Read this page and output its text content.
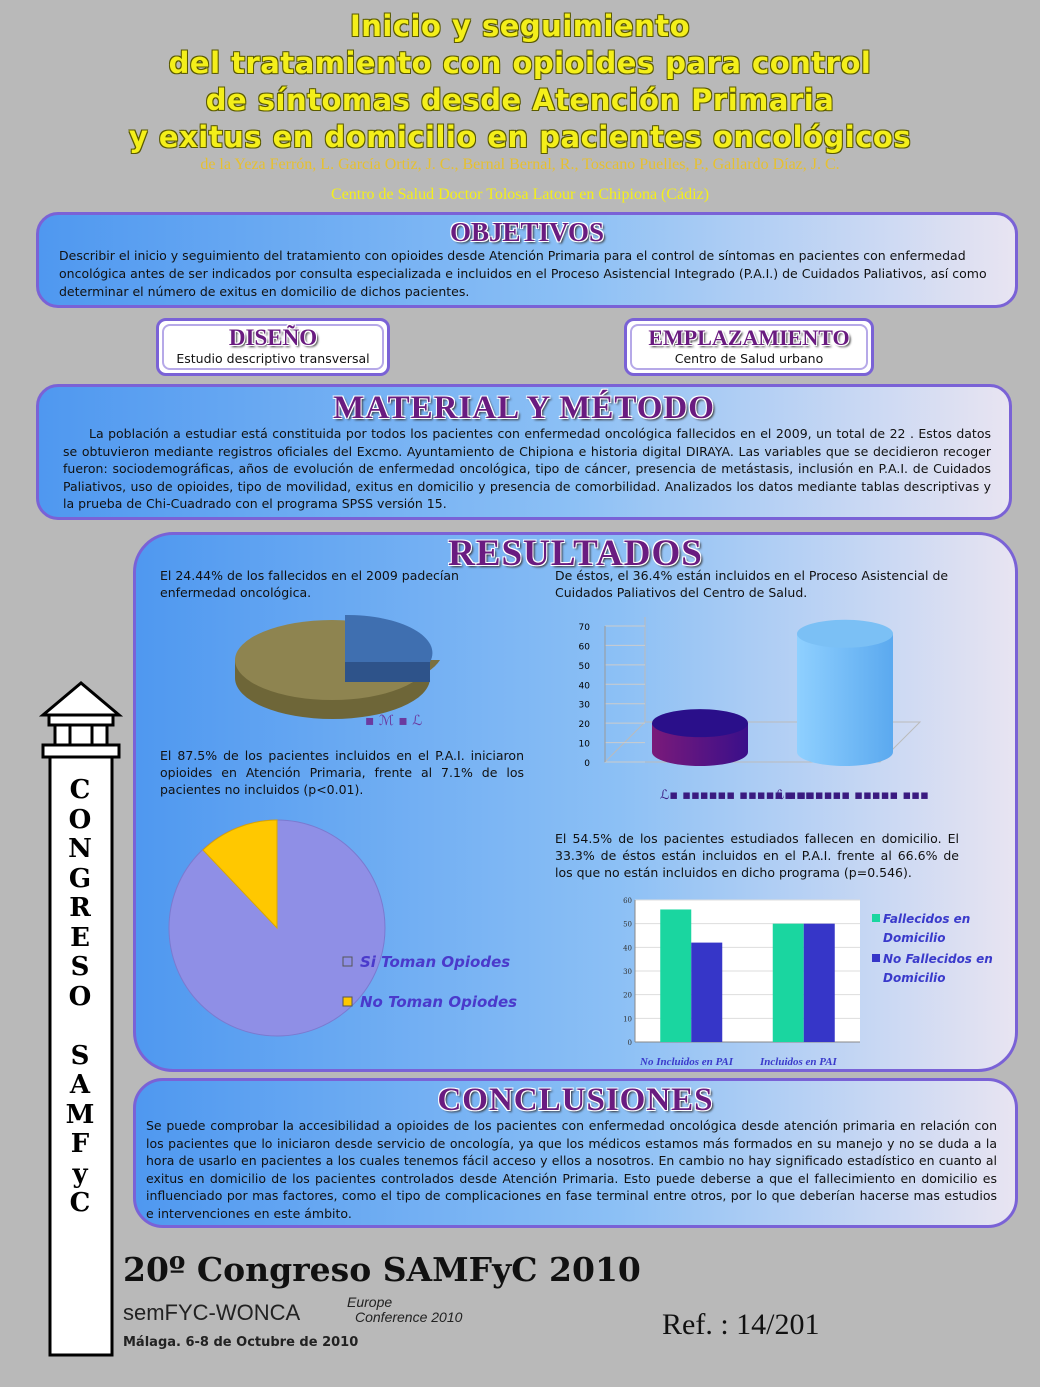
Inicio y seguimiento
del tratamiento con opioides para control
de síntomas desde Atención Primaria
y exitus en domicilio en pacientes oncológicos
de la Yeza Ferrón, L. García Ortiz, J. C., Bernal Bernal, R., Toscano Puelles, P., Gallardo Díaz, J. C.
Centro de Salud Doctor Tolosa Latour en Chipiona (Cádiz)
OBJETIVOS
Describir el inicio y seguimiento del tratamiento con opioides desde Atención Primaria para el control de síntomas en pacientes con enfermedad oncológica antes de ser indicados por consulta especializada e incluidos en el Proceso Asistencial Integrado (P.A.I.) de Cuidados Paliativos, así como determinar el número de exitus en domicilio de dichos pacientes.
DISEÑO
Estudio descriptivo transversal
EMPLAZAMIENTO
Centro de Salud urbano
MATERIAL Y MÉTODO
La población a estudiar está constituida por todos los pacientes con enfermedad oncológica fallecidos en el 2009, un total de 22 . Estos datos se obtuvieron mediante registros oficiales del Excmo. Ayuntamiento de Chipiona e historia digital DIRAYA. Las variables que se decidieron recoger fueron: sociodemográficas, años de evolución de enfermedad oncológica, tipo de cáncer, presencia de metástasis, inclusión en P.A.I. de Cuidados Paliativos, uso de opioides, tipo de movilidad, exitus en domicilio y presencia de comorbilidad. Analizados los datos mediante tablas descriptivas y la prueba de Chi-Cuadrado con el programa SPSS versión 15.
RESULTADOS
El 24.44% de los fallecidos en el 2009 padecían enfermedad oncológica.
De éstos, el 36.4% están incluidos en el Proceso Asistencial de Cuidados Paliativos del Centro de Salud.
El 87.5% de los pacientes incluidos en el P.A.I. iniciaron opioides en Atención Primaria, frente al 7.1% de los pacientes no incluidos (p<0.01).
El 54.5% de los pacientes estudiados fallecen en domicilio. El 33.3% de éstos están incluidos en el P.A.I. frente al 66.6% de los que no están incluidos en dicho programa (p=0.546).
▪ ℳ ▪ ℒ
0
10
20
30
40
50
60
70
ℒ▪ ▪▪▪▪▪▪ ▪▪▪▪▪ ▪▪▪
ℒ▪ ▪▪▪▪▪▪ ▪▪▪▪▪ ▪▪▪
Si Toman Opiodes
No Toman Opiodes
0
10
20
30
40
50
60
No Incluidos en PAI Incluidos en PAI
Fallecidos en Domicilio
No Fallecidos en Domicilio
CONCLUSIONES
Se puede comprobar la accesibilidad a opioides de los pacientes con enfermedad oncológica desde atención primaria en relación con los pacientes que lo iniciaron desde servicio de oncología, ya que los médicos estamos más formados en su manejo y no se duda a la hora de usarlo en pacientes a los cuales tenemos fácil acceso y ellos a nosotros. En cambio no hay significado estadístico en cuanto al exitus en domicilio de los pacientes controlados desde Atención Primaria. Esto puede deberse a que el fallecimiento en domicilio es influenciado por mas factores, como el tipo de complicaciones en fase terminal entre otros, por lo que deberían hacerse mas estudios e intervenciones en este ámbito.
C
O
N
G
R
E
S
O
S
A
M
F
y
C
20º Congreso SAMFyC 2010
semFYC-WONCA	Europe
Conference 2010
Málaga. 6-8 de Octubre de 2010
Ref. : 14/201
